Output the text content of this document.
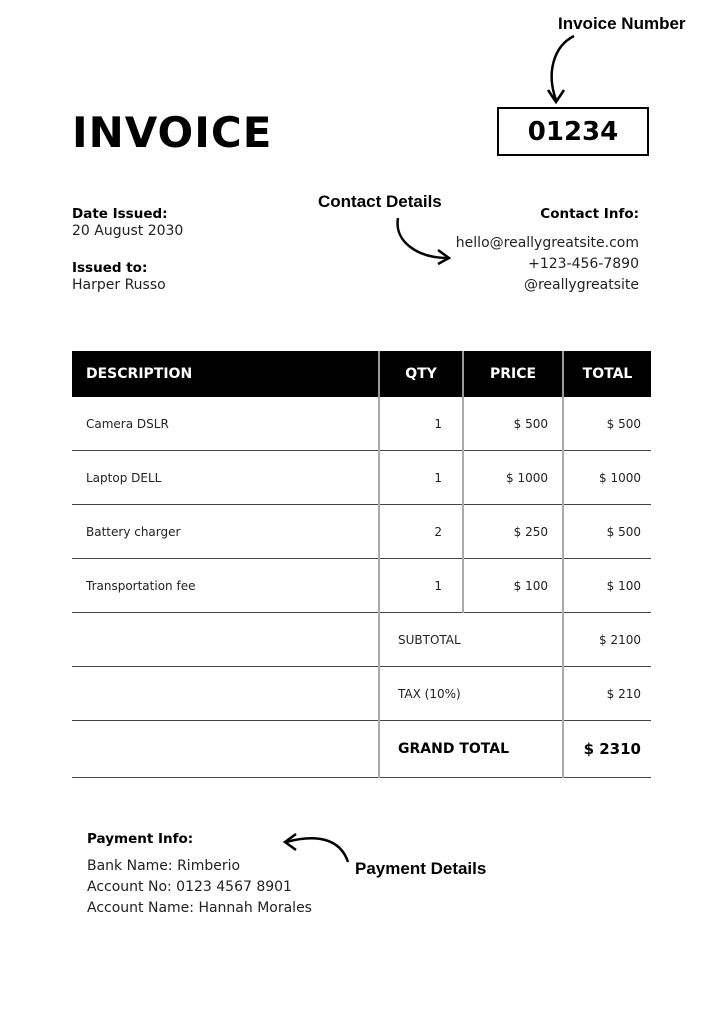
Invoice Number
INVOICE	01234
Date Issued:
20 August 2030
Issued to:
Harper Russo
Contact Details
Contact Info:
hello@reallygreatsite.com
+123-456-7890
@reallygreatsite
DESCRIPTION	QTY	PRICE	TOTAL
Camera DSLR	1	$ 500	$ 500
Laptop DELL	1	$ 1000	$ 1000
Battery charger	2	$ 250	$ 500
Transportation fee	1	$ 100	$ 100
	SUBTOTAL		$ 2100
	TAX (10%)		$ 210
	GRAND TOTAL		$ 2310
Payment Info:
Bank Name: Rimberio
Account No: 0123 4567 8901
Account Name: Hannah Morales
Payment Details
